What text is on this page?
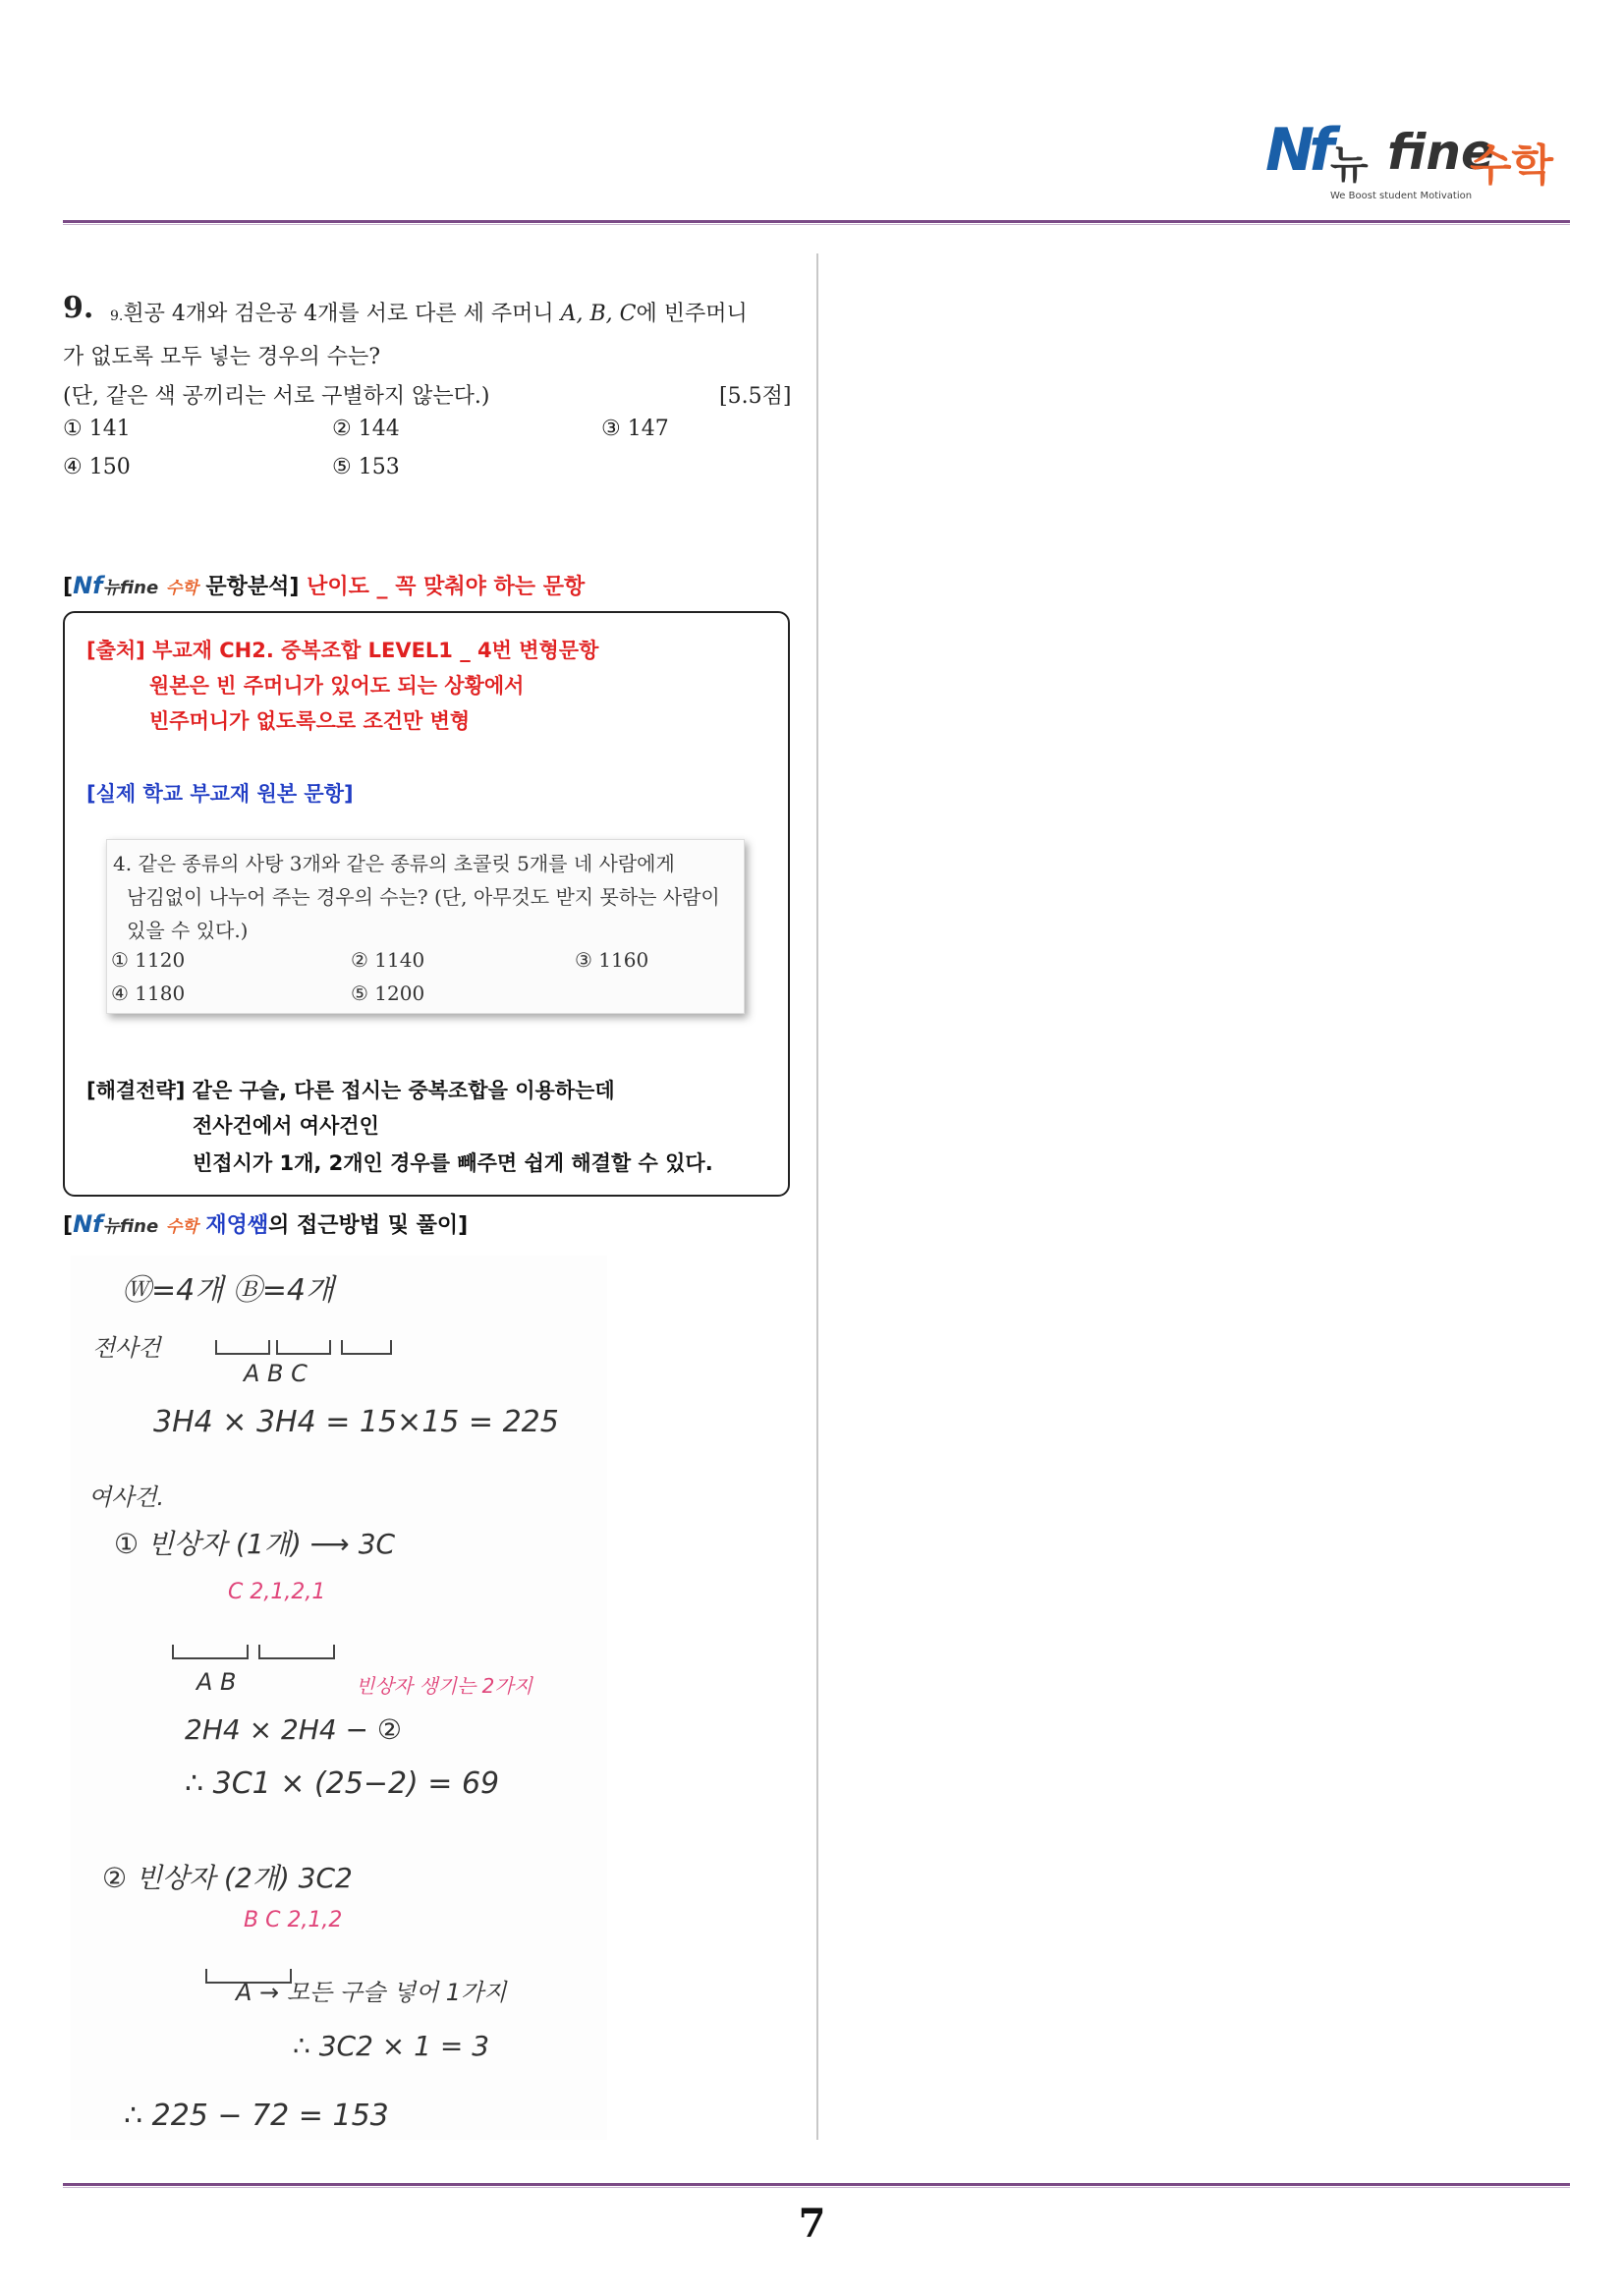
Nf 뉴 fine
수학
We Boost student Motivation
9. 9.흰공 4개와 검은공 4개를 서로 다른 세 주머니 A, B, C에 빈주머니
가 없도록 모두 넣는 경우의 수는?
(단, 같은 색 공끼리는 서로 구별하지 않는다.)	[5.5점]
① 141	② 144	③ 147
④ 150	⑤ 153
[Nf뉴fine 수학 문항분석] 난이도 _ 꼭 맞춰야 하는 문항
[출처] 부교재 CH2. 중복조합 LEVEL1 _ 4번 변형문항
원본은 빈 주머니가 있어도 되는 상황에서
빈주머니가 없도록으로 조건만 변형
[실제 학교 부교재 원본 문항]
4. 같은 종류의 사탕 3개와 같은 종류의 초콜릿 5개를 네 사람에게
남김없이 나누어 주는 경우의 수는? (단, 아무것도 받지 못하는 사람이
있을 수 있다.)
① 1120	② 1140	③ 1160
④ 1180	⑤ 1200
[해결전략] 같은 구슬, 다른 접시는 중복조합을 이용하는데
전사건에서 여사건인
빈접시가 1개, 2개인 경우를 빼주면 쉽게 해결할 수 있다.
[Nf뉴fine 수학 재영쌤의 접근방법 및 풀이]
Ⓦ=4개 Ⓑ=4개
전사건
A B C
3H4 × 3H4 = 15×15 = 225
여사건.
① 빈상자 (1개) ⟶ 3C
C 2,1,2,1
A B	빈상자 생기는 2가지
2H4 × 2H4 − ②
∴ 3C1 × (25−2) = 69
② 빈상자 (2개) 3C2
B C 2,1,2
A → 모든 구슬 넣어 1가지
∴ 3C2 × 1 = 3
∴ 225 − 72 = 153
7
